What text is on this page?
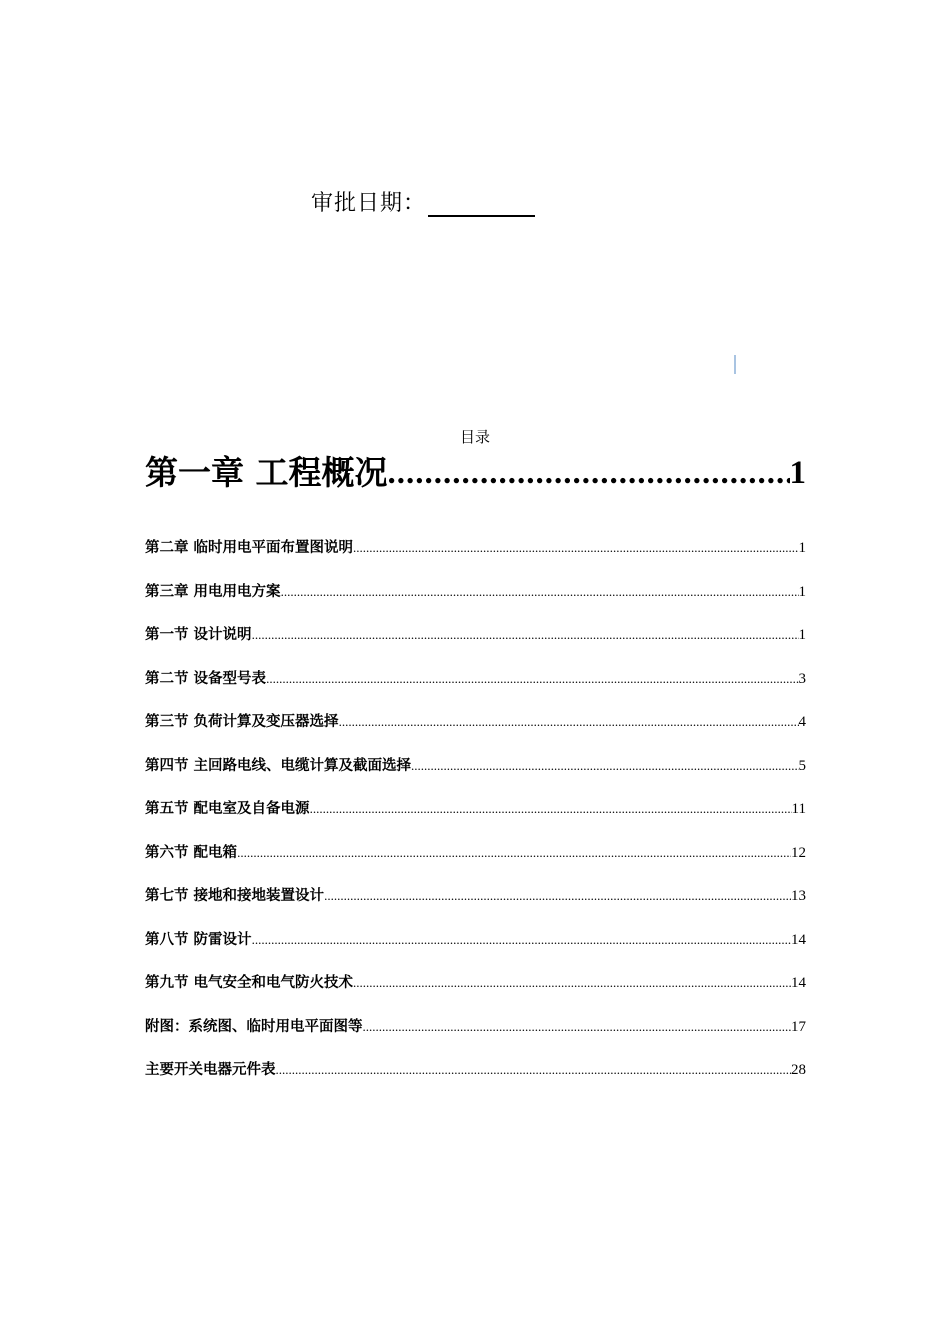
审批日期：
目录
第一章 工程概况 .....	1
第二章 临时用电平面布置图说明 .....	1
第三章 用电用电方案 .....	1
第一节 设计说明 .....	1
第二节 设备型号表 .....	3
第三节 负荷计算及变压器选择 .....	4
第四节 主回路电线、电缆计算及截面选择 .....	5
第五节 配电室及自备电源 .....	11
第六节 配电箱 .....	12
第七节 接地和接地装置设计 .....	13
第八节 防雷设计 .....	14
第九节 电气安全和电气防火技术 .....	14
附图：系统图、临时用电平面图等 .....	17
主要开关电器元件表 .....	28
